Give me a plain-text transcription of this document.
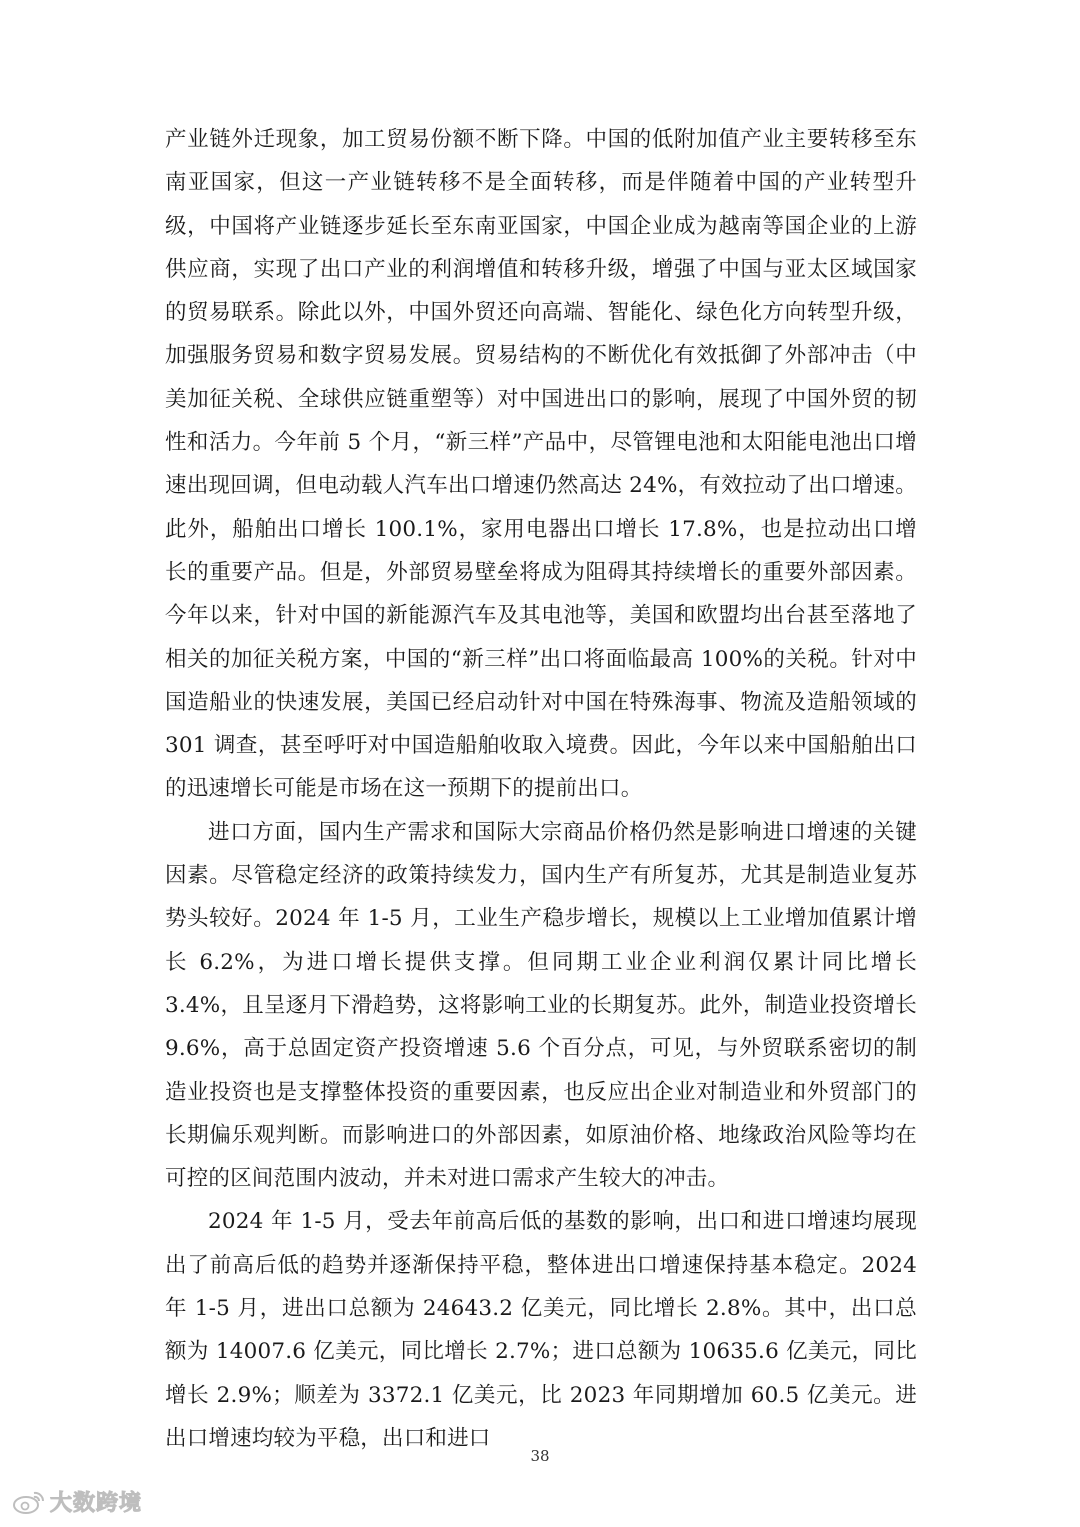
产业链外迁现象，加工贸易份额不断下降。中国的低附加值产业主要转移至东南亚国家，但这一产业链转移不是全面转移，而是伴随着中国的产业转型升级，中国将产业链逐步延长至东南亚国家，中国企业成为越南等国企业的上游供应商，实现了出口产业的利润增值和转移升级，增强了中国与亚太区域国家的贸易联系。除此以外，中国外贸还向高端、智能化、绿色化方向转型升级，加强服务贸易和数字贸易发展。贸易结构的不断优化有效抵御了外部冲击（中美加征关税、全球供应链重塑等）对中国进出口的影响，展现了中国外贸的韧性和活力。今年前 5 个月，“新三样”产品中，尽管锂电池和太阳能电池出口增速出现回调，但电动载人汽车出口增速仍然高达 24%，有效拉动了出口增速。此外，船舶出口增长 100.1%，家用电器出口增长 17.8%，也是拉动出口增长的重要产品。但是，外部贸易壁垒将成为阻碍其持续增长的重要外部因素。今年以来，针对中国的新能源汽车及其电池等，美国和欧盟均出台甚至落地了相关的加征关税方案，中国的“新三样”出口将面临最高 100%的关税。针对中国造船业的快速发展，美国已经启动针对中国在特殊海事、物流及造船领域的 301 调查，甚至呼吁对中国造船舶收取入境费。因此，今年以来中国船舶出口的迅速增长可能是市场在这一预期下的提前出口。

进口方面，国内生产需求和国际大宗商品价格仍然是影响进口增速的关键因素。尽管稳定经济的政策持续发力，国内生产有所复苏，尤其是制造业复苏势头较好。2024 年 1-5 月，工业生产稳步增长，规模以上工业增加值累计增长 6.2%，为进口增长提供支撑。但同期工业企业利润仅累计同比增长 3.4%，且呈逐月下滑趋势，这将影响工业的长期复苏。此外，制造业投资增长 9.6%，高于总固定资产投资增速 5.6 个百分点，可见，与外贸联系密切的制造业投资也是支撑整体投资的重要因素，也反应出企业对制造业和外贸部门的长期偏乐观判断。而影响进口的外部因素，如原油价格、地缘政治风险等均在可控的区间范围内波动，并未对进口需求产生较大的冲击。

2024 年 1-5 月，受去年前高后低的基数的影响，出口和进口增速均展现出了前高后低的趋势并逐渐保持平稳，整体进出口增速保持基本稳定。2024 年 1-5 月，进出口总额为 24643.2 亿美元，同比增长 2.8%。其中，出口总额为 14007.6 亿美元，同比增长 2.7%；进口总额为 10635.6 亿美元，同比增长 2.9%；顺差为 3372.1 亿美元，比 2023 年同期增加 60.5 亿美元。进出口增速均较为平稳，出口和进口

38
大数跨境
